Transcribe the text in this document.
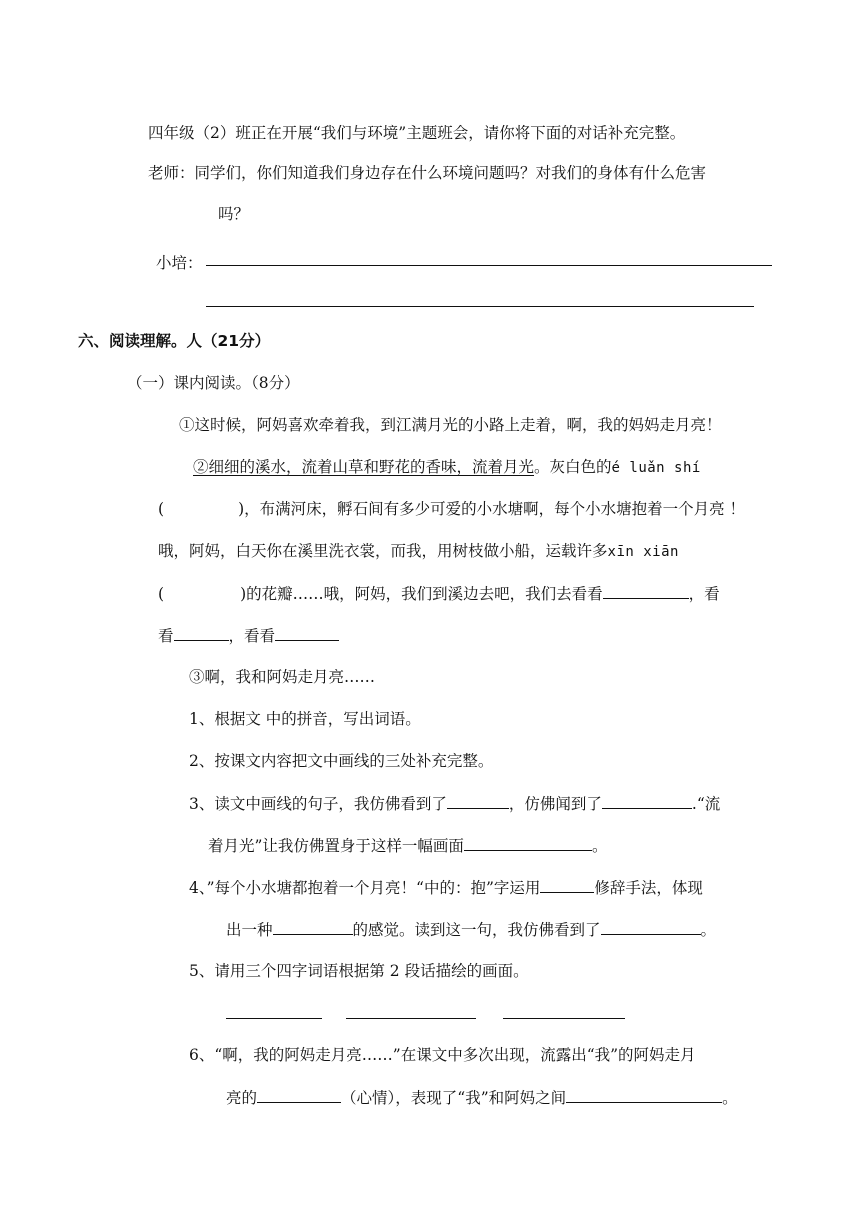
四年级（2）班正在开展“我们与环境”主题班会，请你将下面的对话补充完整。
老师：同学们，你们知道我们身边存在什么环境问题吗？对我们的身体有什么危害
吗？
小培：
六、阅读理解。人（21分）
（一）课内阅读。（8分）
①这时候，阿妈喜欢牵着我，到江满月光的小路上走着，啊，我的妈妈走月亮！
②细细的溪水，流着山草和野花的香味，流着月光。灰白色的é luǎn shí
(	)，布满河床，孵石间有多少可爱的小水塘啊，每个小水塘抱着一个月亮 ！
哦，阿妈，白天你在溪里洗衣裳，而我，用树枝做小船，运载许多xīn xiān
(	)的花瓣……哦，阿妈，我们到溪边去吧，我们去看看	，看
看	，看看
③啊，我和阿妈走月亮……
1、根据文 中的拼音，写出词语。
2、按课文内容把文中画线的三处补充完整。
3、读文中画线的句子，我仿佛看到了	，仿佛闻到了	.“流
着月光”让我仿佛置身于这样一幅画面	。
4、”每个小水塘都抱着一个月亮！“中的：抱”字运用	修辞手法，体现
出一种	的感觉。读到这一句，我仿佛看到了	。
5、请用三个四字词语根据第 2 段话描绘的画面。
6、“啊，我的阿妈走月亮……”在课文中多次出现，流露出“我”的阿妈走月
亮的	（心情），表现了“我”和阿妈之间	。
